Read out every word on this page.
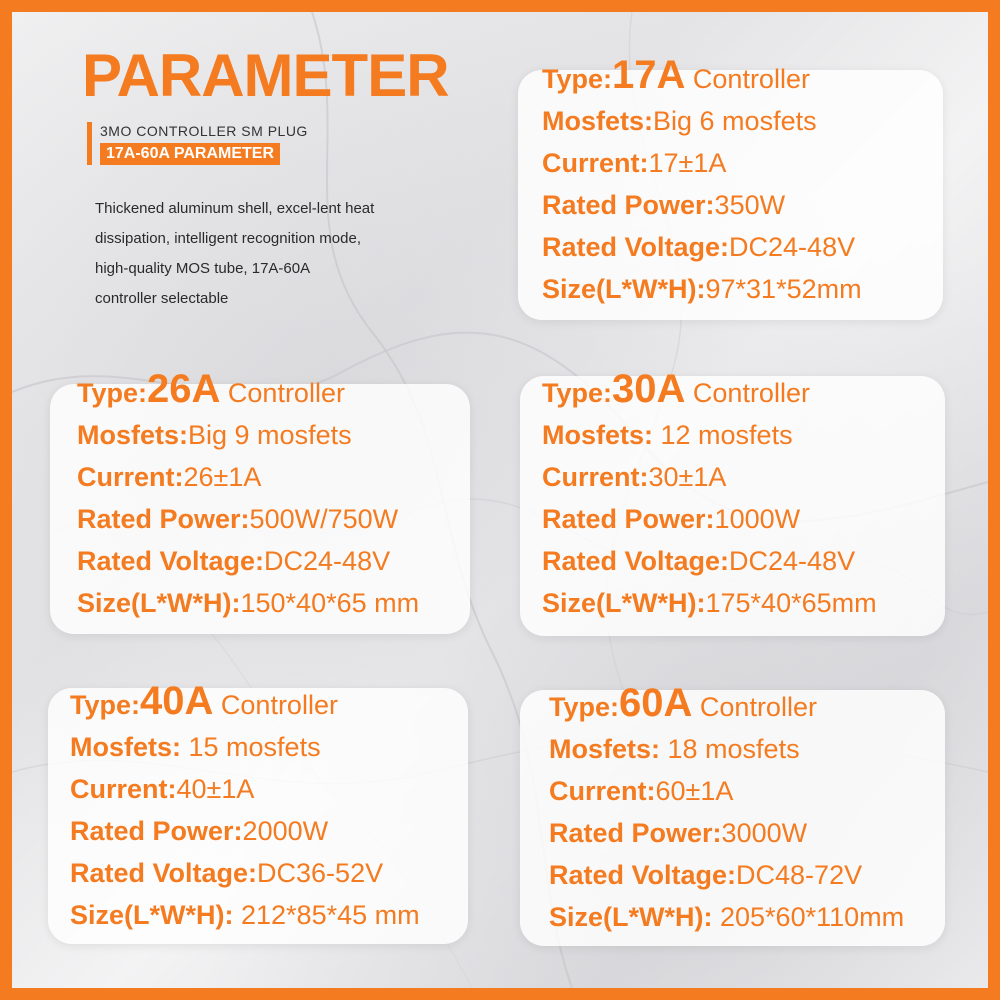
PARAMETER
3MO CONTROLLER SM PLUG
17A-60A PARAMETER
Thickened aluminum shell, excel-lent heat dissipation, intelligent recognition mode, high-quality MOS tube, 17A-60A controller selectable
Type:17A Controller
Mosfets:Big 6 mosfets
Current:17±1A
Rated Power:350W
Rated Voltage:DC24-48V
Size(L*W*H):97*31*52mm
Type:26A Controller
Mosfets:Big 9 mosfets
Current:26±1A
Rated Power:500W/750W
Rated Voltage:DC24-48V
Size(L*W*H):150*40*65 mm
Type:30A Controller
Mosfets: 12 mosfets
Current:30±1A
Rated Power:1000W
Rated Voltage:DC24-48V
Size(L*W*H):175*40*65mm
Type:40A Controller
Mosfets: 15 mosfets
Current:40±1A
Rated Power:2000W
Rated Voltage:DC36-52V
Size(L*W*H): 212*85*45 mm
Type:60A Controller
Mosfets: 18 mosfets
Current:60±1A
Rated Power:3000W
Rated Voltage:DC48-72V
Size(L*W*H): 205*60*110mm
